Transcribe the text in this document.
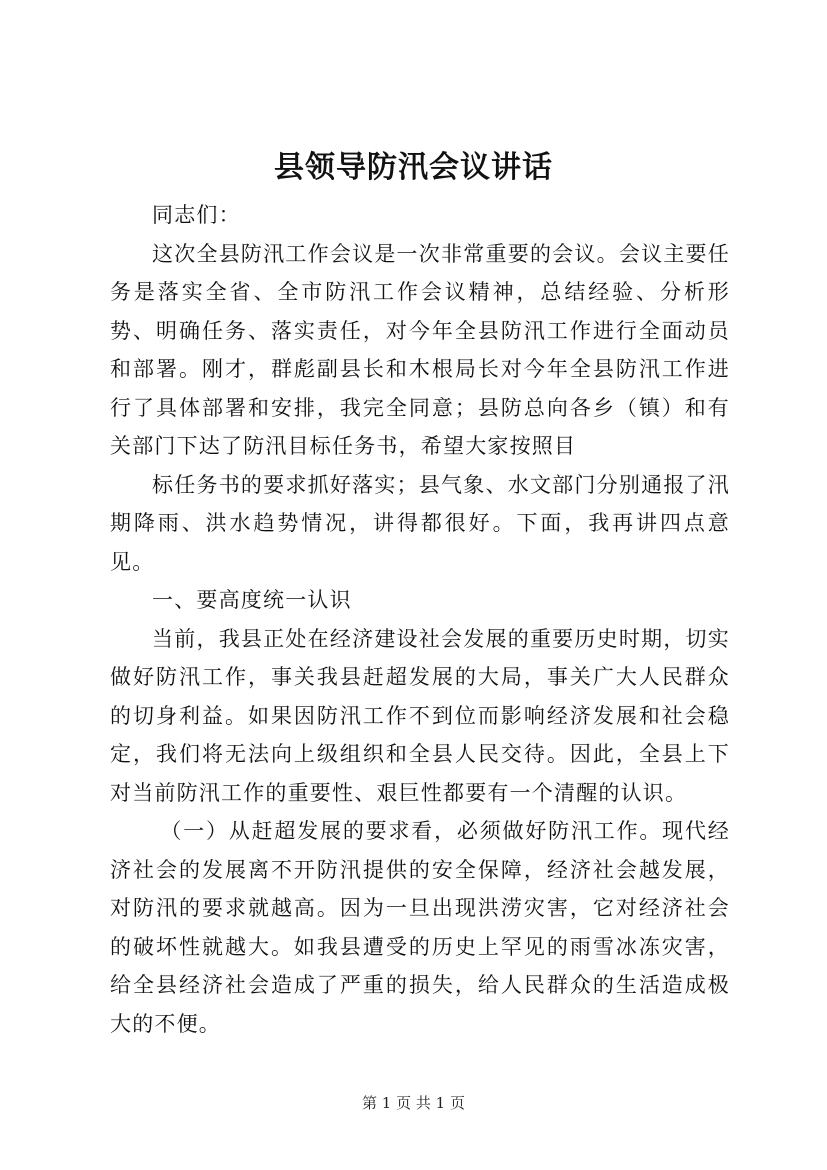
县领导防汛会议讲话

同志们：

这次全县防汛工作会议是一次非常重要的会议。会议主要任务是落实全省、全市防汛工作会议精神，总结经验、分析形势、明确任务、落实责任，对今年全县防汛工作进行全面动员和部署。刚才，群彪副县长和木根局长对今年全县防汛工作进行了具体部署和安排，我完全同意；县防总向各乡（镇）和有关部门下达了防汛目标任务书，希望大家按照目

标任务书的要求抓好落实；县气象、水文部门分别通报了汛期降雨、洪水趋势情况，讲得都很好。下面，我再讲四点意见。

一、要高度统一认识

当前，我县正处在经济建设社会发展的重要历史时期，切实做好防汛工作，事关我县赶超发展的大局，事关广大人民群众的切身利益。如果因防汛工作不到位而影响经济发展和社会稳定，我们将无法向上级组织和全县人民交待。因此，全县上下对当前防汛工作的重要性、艰巨性都要有一个清醒的认识。

（一）从赶超发展的要求看，必须做好防汛工作。现代经济社会的发展离不开防汛提供的安全保障，经济社会越发展，对防汛的要求就越高。因为一旦出现洪涝灾害，它对经济社会的破坏性就越大。如我县遭受的历史上罕见的雨雪冰冻灾害，给全县经济社会造成了严重的损失，给人民群众的生活造成极大的不便。

第 1 页 共 1 页
